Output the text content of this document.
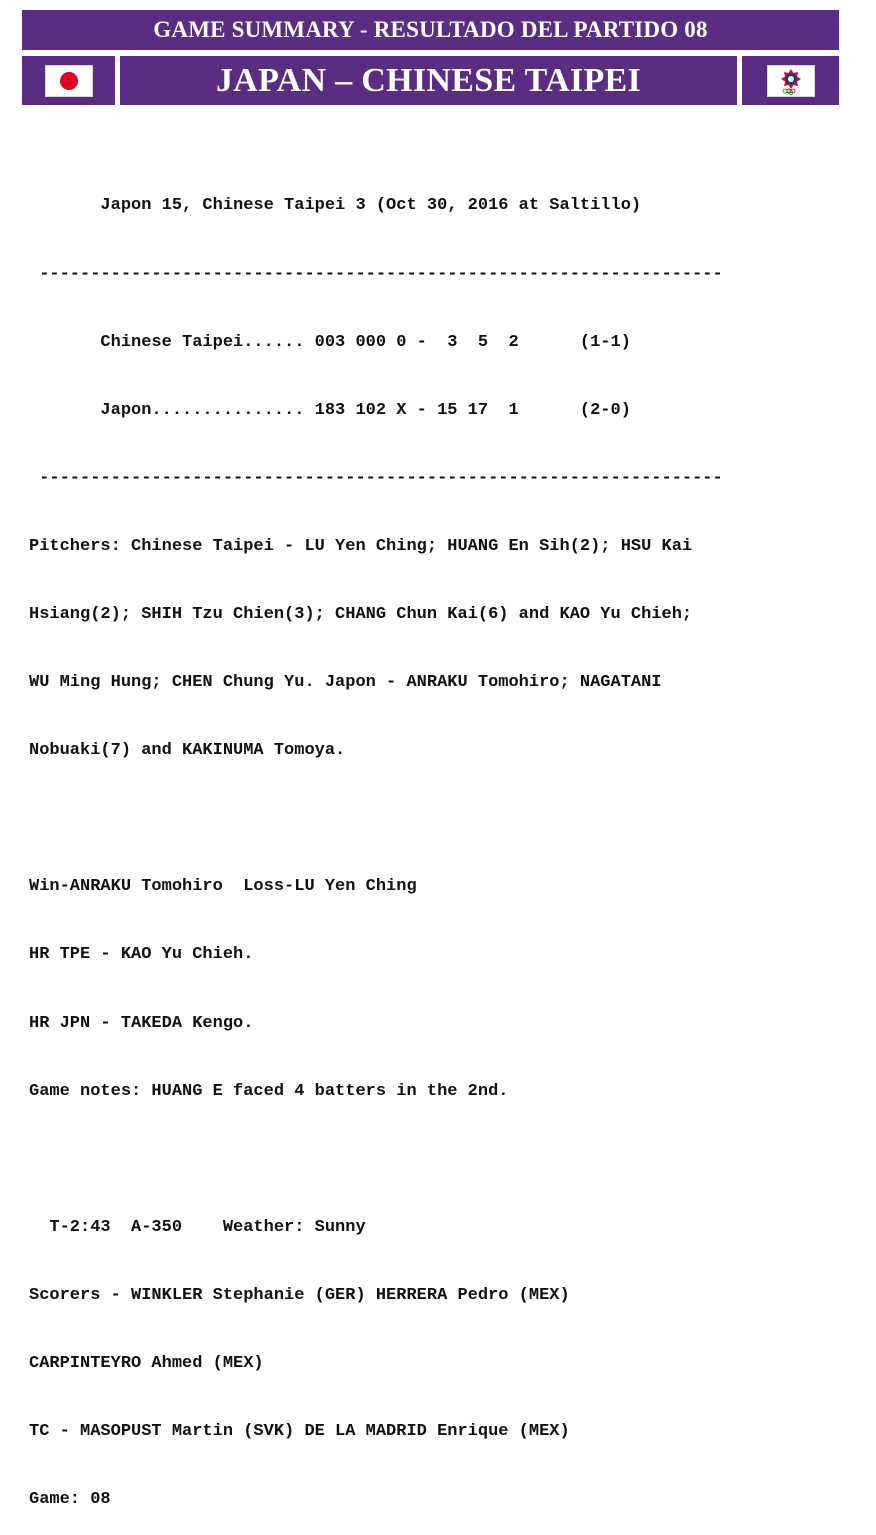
GAME SUMMARY - RESULTADO DEL PARTIDO 08
JAPAN – CHINESE TAIPEI

Japon 15, Chinese Taipei 3 (Oct 30, 2016 at Saltillo)

-------------------------------------------------------------------

Chinese Taipei...... 003 000 0 -  3  5  2      (1-1)

Japon............... 183 102 X - 15 17  1      (2-0)

-------------------------------------------------------------------

Pitchers: Chinese Taipei - LU Yen Ching; HUANG En Sih(2); HSU Kai

Hsiang(2); SHIH Tzu Chien(3); CHANG Chun Kai(6) and KAO Yu Chieh;

WU Ming Hung; CHEN Chung Yu. Japon - ANRAKU Tomohiro; NAGATANI

Nobuaki(7) and KAKINUMA Tomoya.

Win-ANRAKU Tomohiro  Loss-LU Yen Ching

HR TPE - KAO Yu Chieh.

HR JPN - TAKEDA Kengo.

Game notes: HUANG E faced 4 batters in the 2nd.

T-2:43  A-350    Weather: Sunny

Scorers - WINKLER Stephanie (GER) HERRERA Pedro (MEX)

CARPINTEYRO Ahmed (MEX)

TC - MASOPUST Martin (SVK) DE LA MADRID Enrique (MEX)

Game: 08
